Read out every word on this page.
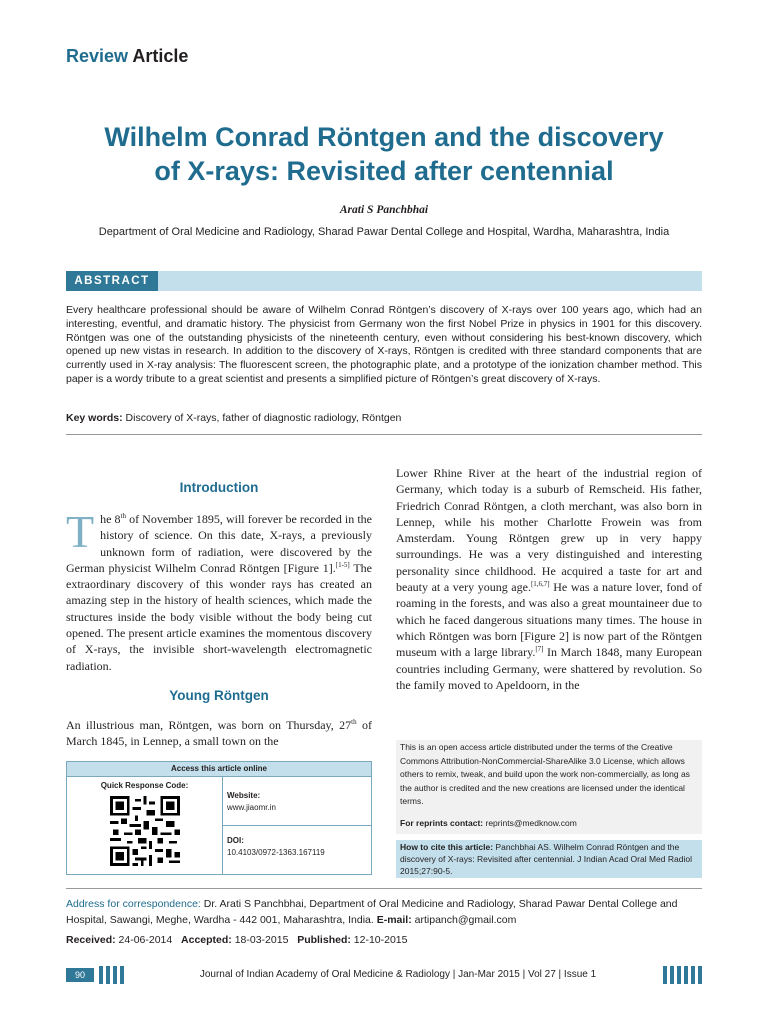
Review Article
Wilhelm Conrad Röntgen and the discovery
of X-rays: Revisited after centennial
Arati S Panchbhai
Department of Oral Medicine and Radiology, Sharad Pawar Dental College and Hospital, Wardha, Maharashtra, India
ABSTRACT
Every healthcare professional should be aware of Wilhelm Conrad Röntgen’s discovery of X-rays over 100 years ago, which had an interesting, eventful, and dramatic history. The physicist from Germany won the first Nobel Prize in physics in 1901 for this discovery. Röntgen was one of the outstanding physicists of the nineteenth century, even without considering his best-known discovery, which opened up new vistas in research. In addition to the discovery of X-rays, Röntgen is credited with three standard components that are currently used in X-ray analysis: The fluorescent screen, the photographic plate, and a prototype of the ionization chamber method. This paper is a wordy tribute to a great scientist and presents a simplified picture of Röntgen’s great discovery of X-rays.
Key words: Discovery of X-rays, father of diagnostic radiology, Röntgen
Introduction
The 8th of November 1895, will forever be recorded in the history of science. On this date, X-rays, a previously unknown form of radiation, were discovered by the German physicist Wilhelm Conrad Röntgen [Figure 1].[1-5] The extraordinary discovery of this wonder rays has created an amazing step in the history of health sciences, which made the structures inside the body visible without the body being cut opened. The present article examines the momentous discovery of X-rays, the invisible short-wavelength electromagnetic radiation.
Young Röntgen
An illustrious man, Röntgen, was born on Thursday, 27th of March 1845, in Lennep, a small town on the
Lower Rhine River at the heart of the industrial region of Germany, which today is a suburb of Remscheid. His father, Friedrich Conrad Röntgen, a cloth merchant, was also born in Lennep, while his mother Charlotte Frowein was from Amsterdam. Young Röntgen grew up in very happy surroundings. He was a very distinguished and interesting personality since childhood. He acquired a taste for art and beauty at a very young age.[1,6,7] He was a nature lover, fond of roaming in the forests, and was also a great mountaineer due to which he faced dangerous situations many times. The house in which Röntgen was born [Figure 2] is now part of the Röntgen museum with a large library.[7] In March 1848, many European countries including Germany, were shattered by revolution. So the family moved to Apeldoorn, in the
Access this article online
Quick Response Code:
Website:
www.jiaomr.in
DOI:
10.4103/0972-1363.167119
This is an open access article distributed under the terms of the Creative Commons Attribution-NonCommercial-ShareAlike 3.0 License, which allows others to remix, tweak, and build upon the work non-commercially, as long as the author is credited and the new creations are licensed under the identical terms.
For reprints contact: reprints@medknow.com
How to cite this article: Panchbhai AS. Wilhelm Conrad Röntgen and the discovery of X-rays: Revisited after centennial. J Indian Acad Oral Med Radiol 2015;27:90-5.
Address for correspondence: Dr. Arati S Panchbhai, Department of Oral Medicine and Radiology, Sharad Pawar Dental College and Hospital, Sawangi, Meghe, Wardha - 442 001, Maharashtra, India. E-mail: artipanch@gmail.com
Received: 24-06-2014 Accepted: 18-03-2015 Published: 12-10-2015
90	Journal of Indian Academy of Oral Medicine & Radiology | Jan-Mar 2015 | Vol 27 | Issue 1
